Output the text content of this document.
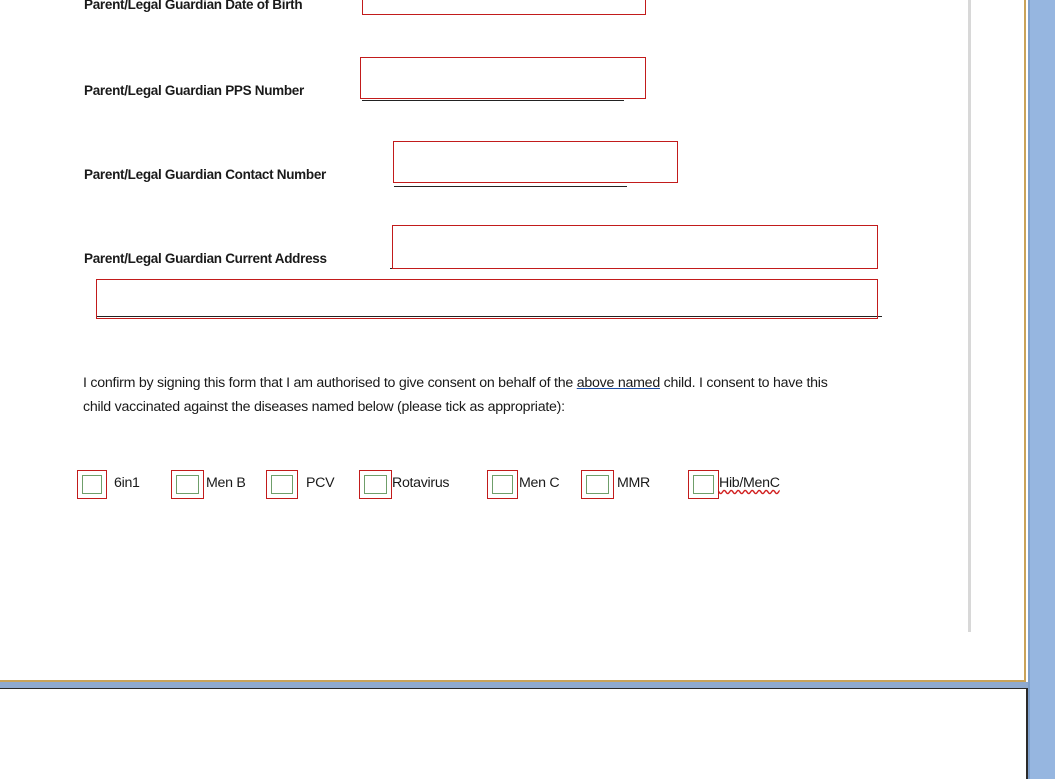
Parent/Legal Guardian Date of Birth
Parent/Legal Guardian PPS Number
Parent/Legal Guardian Contact Number
Parent/Legal Guardian Current Address
I confirm by signing this form that I am authorised to give consent on behalf of the above named child. I consent to have this child vaccinated against the diseases named below (please tick as appropriate):
6in1	Men B	PCV	Rotavirus	Men C	MMR	Hib/MenC
